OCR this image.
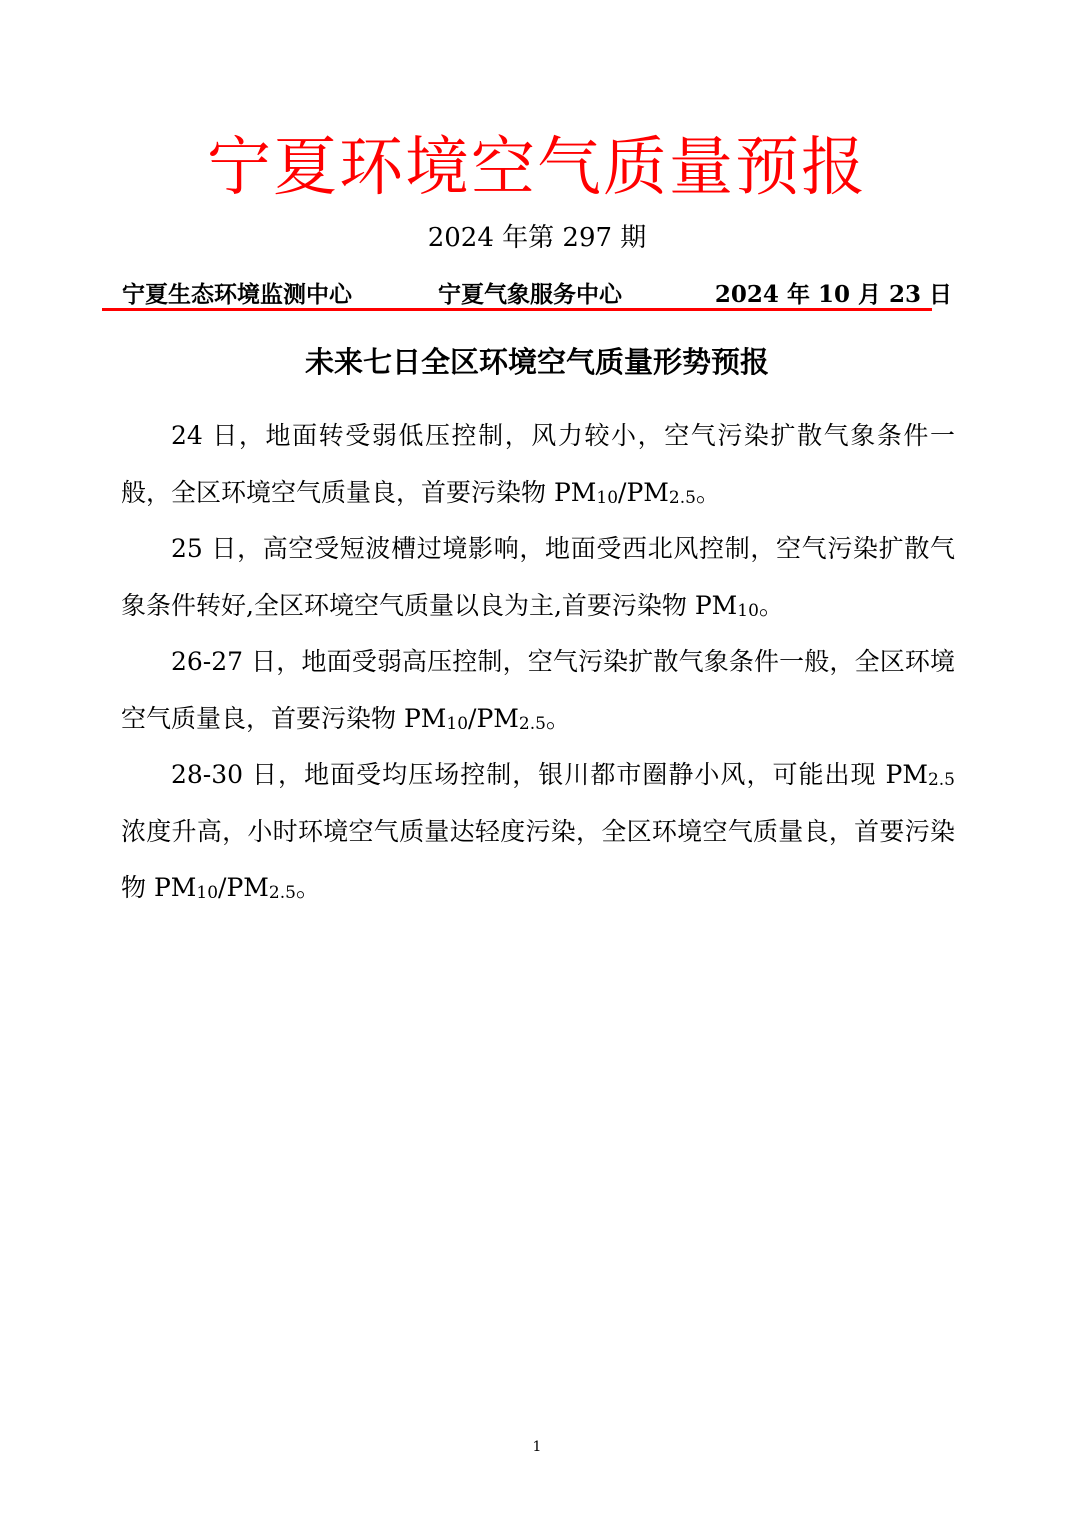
宁夏环境空气质量预报
2024 年第 297 期
宁夏生态环境监测中心	宁夏气象服务中心	2024 年 10 月 23 日
未来七日全区环境空气质量形势预报

24 日，地面转受弱低压控制，风力较小，空气污染扩散气象条件一般，全区环境空气质量良，首要污染物 PM10/PM2.5。

25 日，高空受短波槽过境影响，地面受西北风控制，空气污染扩散气象条件转好,全区环境空气质量以良为主,首要污染物 PM10。

26-27 日，地面受弱高压控制，空气污染扩散气象条件一般，全区环境空气质量良，首要污染物 PM10/PM2.5。

28-30 日，地面受均压场控制，银川都市圈静小风，可能出现 PM2.5 浓度升高，小时环境空气质量达轻度污染，全区环境空气质量良，首要污染物 PM10/PM2.5。

1
